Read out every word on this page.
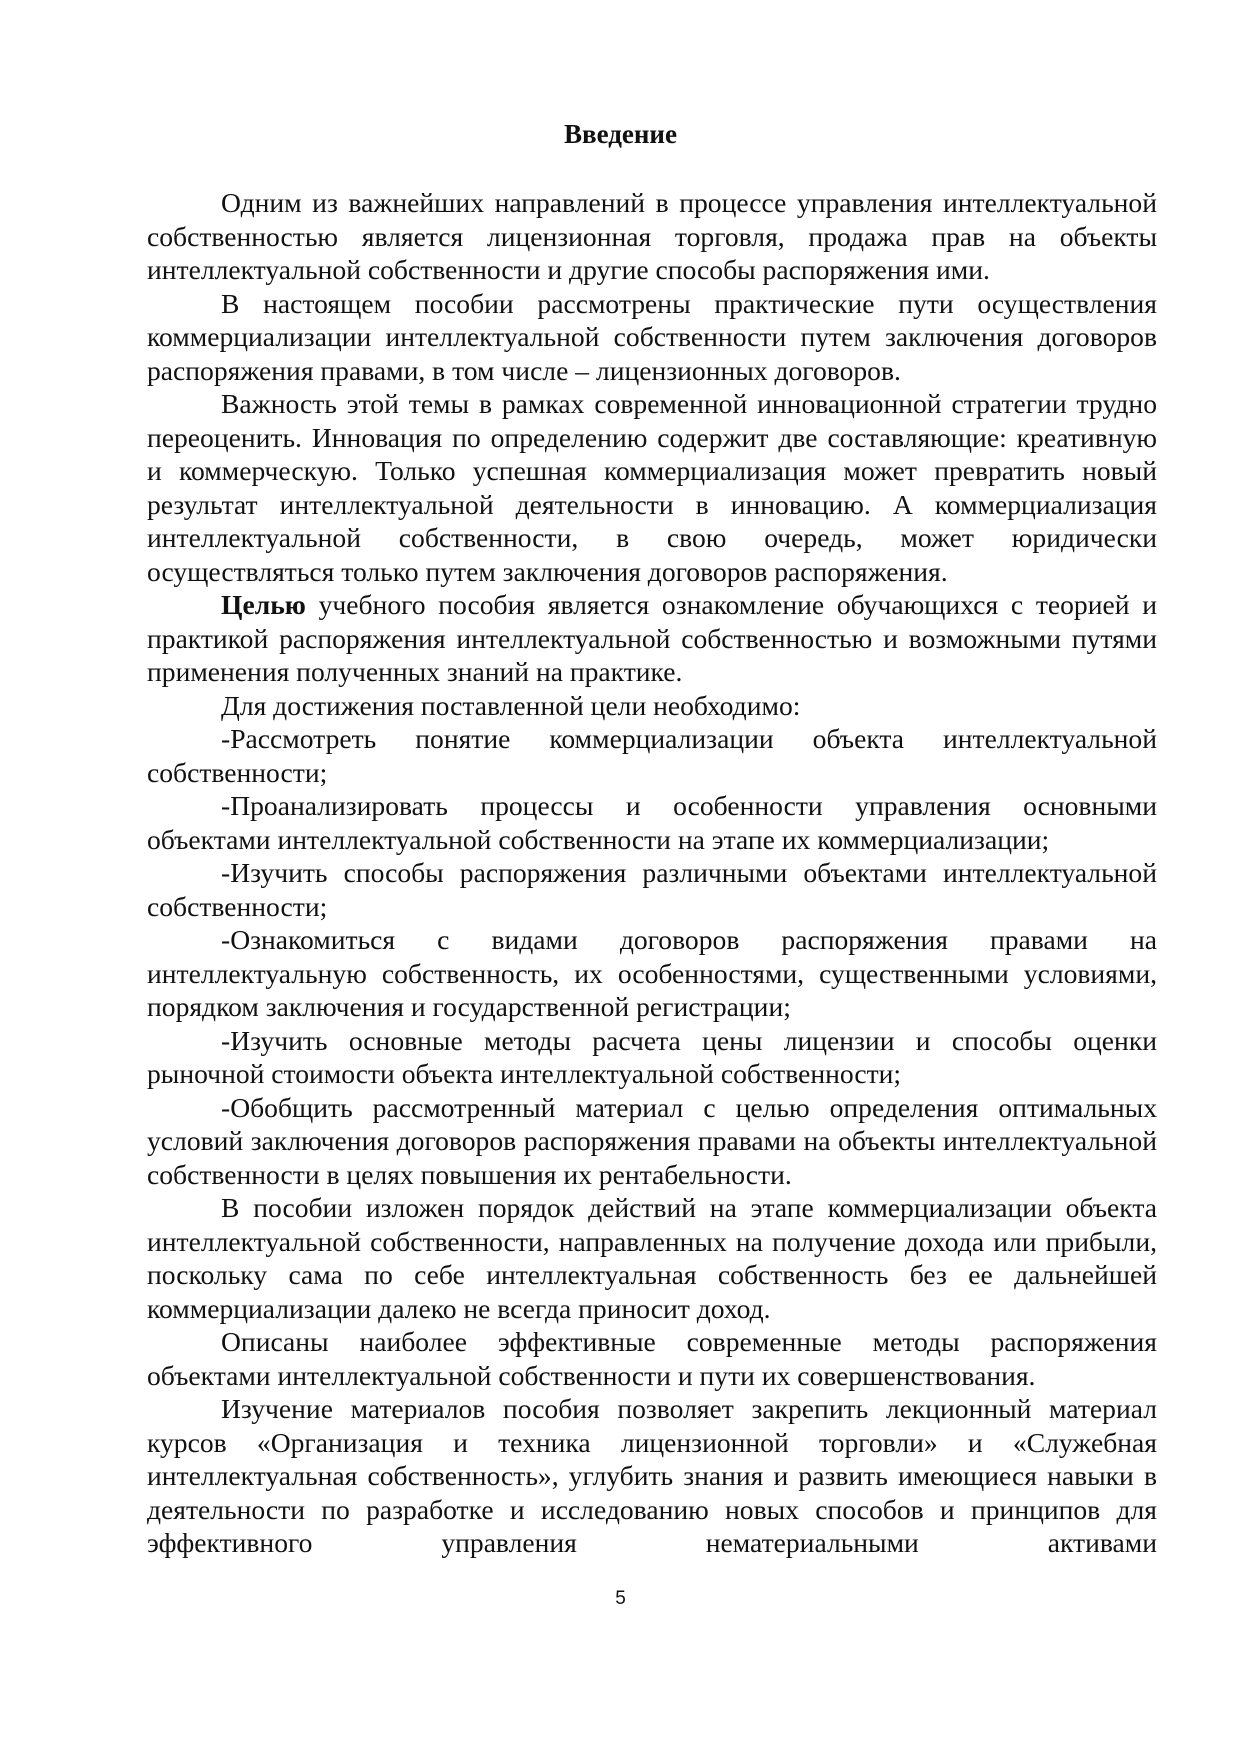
Введение

Одним из важнейших направлений в процессе управления интеллектуальной собственностью является лицензионная торговля, продажа прав на объекты интеллектуальной собственности и другие способы распоряжения ими.

В настоящем пособии рассмотрены практические пути осуществления коммерциализации интеллектуальной собственности путем заключения договоров распоряжения правами, в том числе – лицензионных договоров.

Важность этой темы в рамках современной инновационной стратегии трудно переоценить. Инновация по определению содержит две составляющие: креативную и коммерческую. Только успешная коммерциализация может превратить новый результат интеллектуальной деятельности в инновацию. А коммерциализация интеллектуальной собственности, в свою очередь, может юридически осуществляться только путем заключения договоров распоряжения.

Целью учебного пособия является ознакомление обучающихся с теорией и практикой распоряжения интеллектуальной собственностью и возможными путями применения полученных знаний на практике.

Для достижения поставленной цели необходимо:

-Рассмотреть понятие коммерциализации объекта интеллектуальной собственности;

-Проанализировать процессы и особенности управления основными объектами интеллектуальной собственности на этапе их коммерциализации;

-Изучить способы распоряжения различными объектами интеллектуальной собственности;

-Ознакомиться с видами договоров распоряжения правами на интеллектуальную собственность, их особенностями, существенными условиями, порядком заключения и государственной регистрации;

-Изучить основные методы расчета цены лицензии и способы оценки рыночной стоимости объекта интеллектуальной собственности;

-Обобщить рассмотренный материал с целью определения оптимальных условий заключения договоров распоряжения правами на объекты интеллектуальной собственности в целях повышения их рентабельности.

В пособии изложен порядок действий на этапе коммерциализации объекта интеллектуальной собственности, направленных на получение дохода или прибыли, поскольку сама по себе интеллектуальная собственность без ее дальнейшей коммерциализации далеко не всегда приносит доход.

Описаны наиболее эффективные современные методы распоряжения объектами интеллектуальной собственности и пути их совершенствования.

Изучение материалов пособия позволяет закрепить лекционный материал курсов «Организация и техника лицензионной торговли» и «Служебная интеллектуальная собственность», углубить знания и развить имеющиеся навыки в деятельности по разработке и исследованию новых способов и принципов для эффективного управления нематериальными активами

5
